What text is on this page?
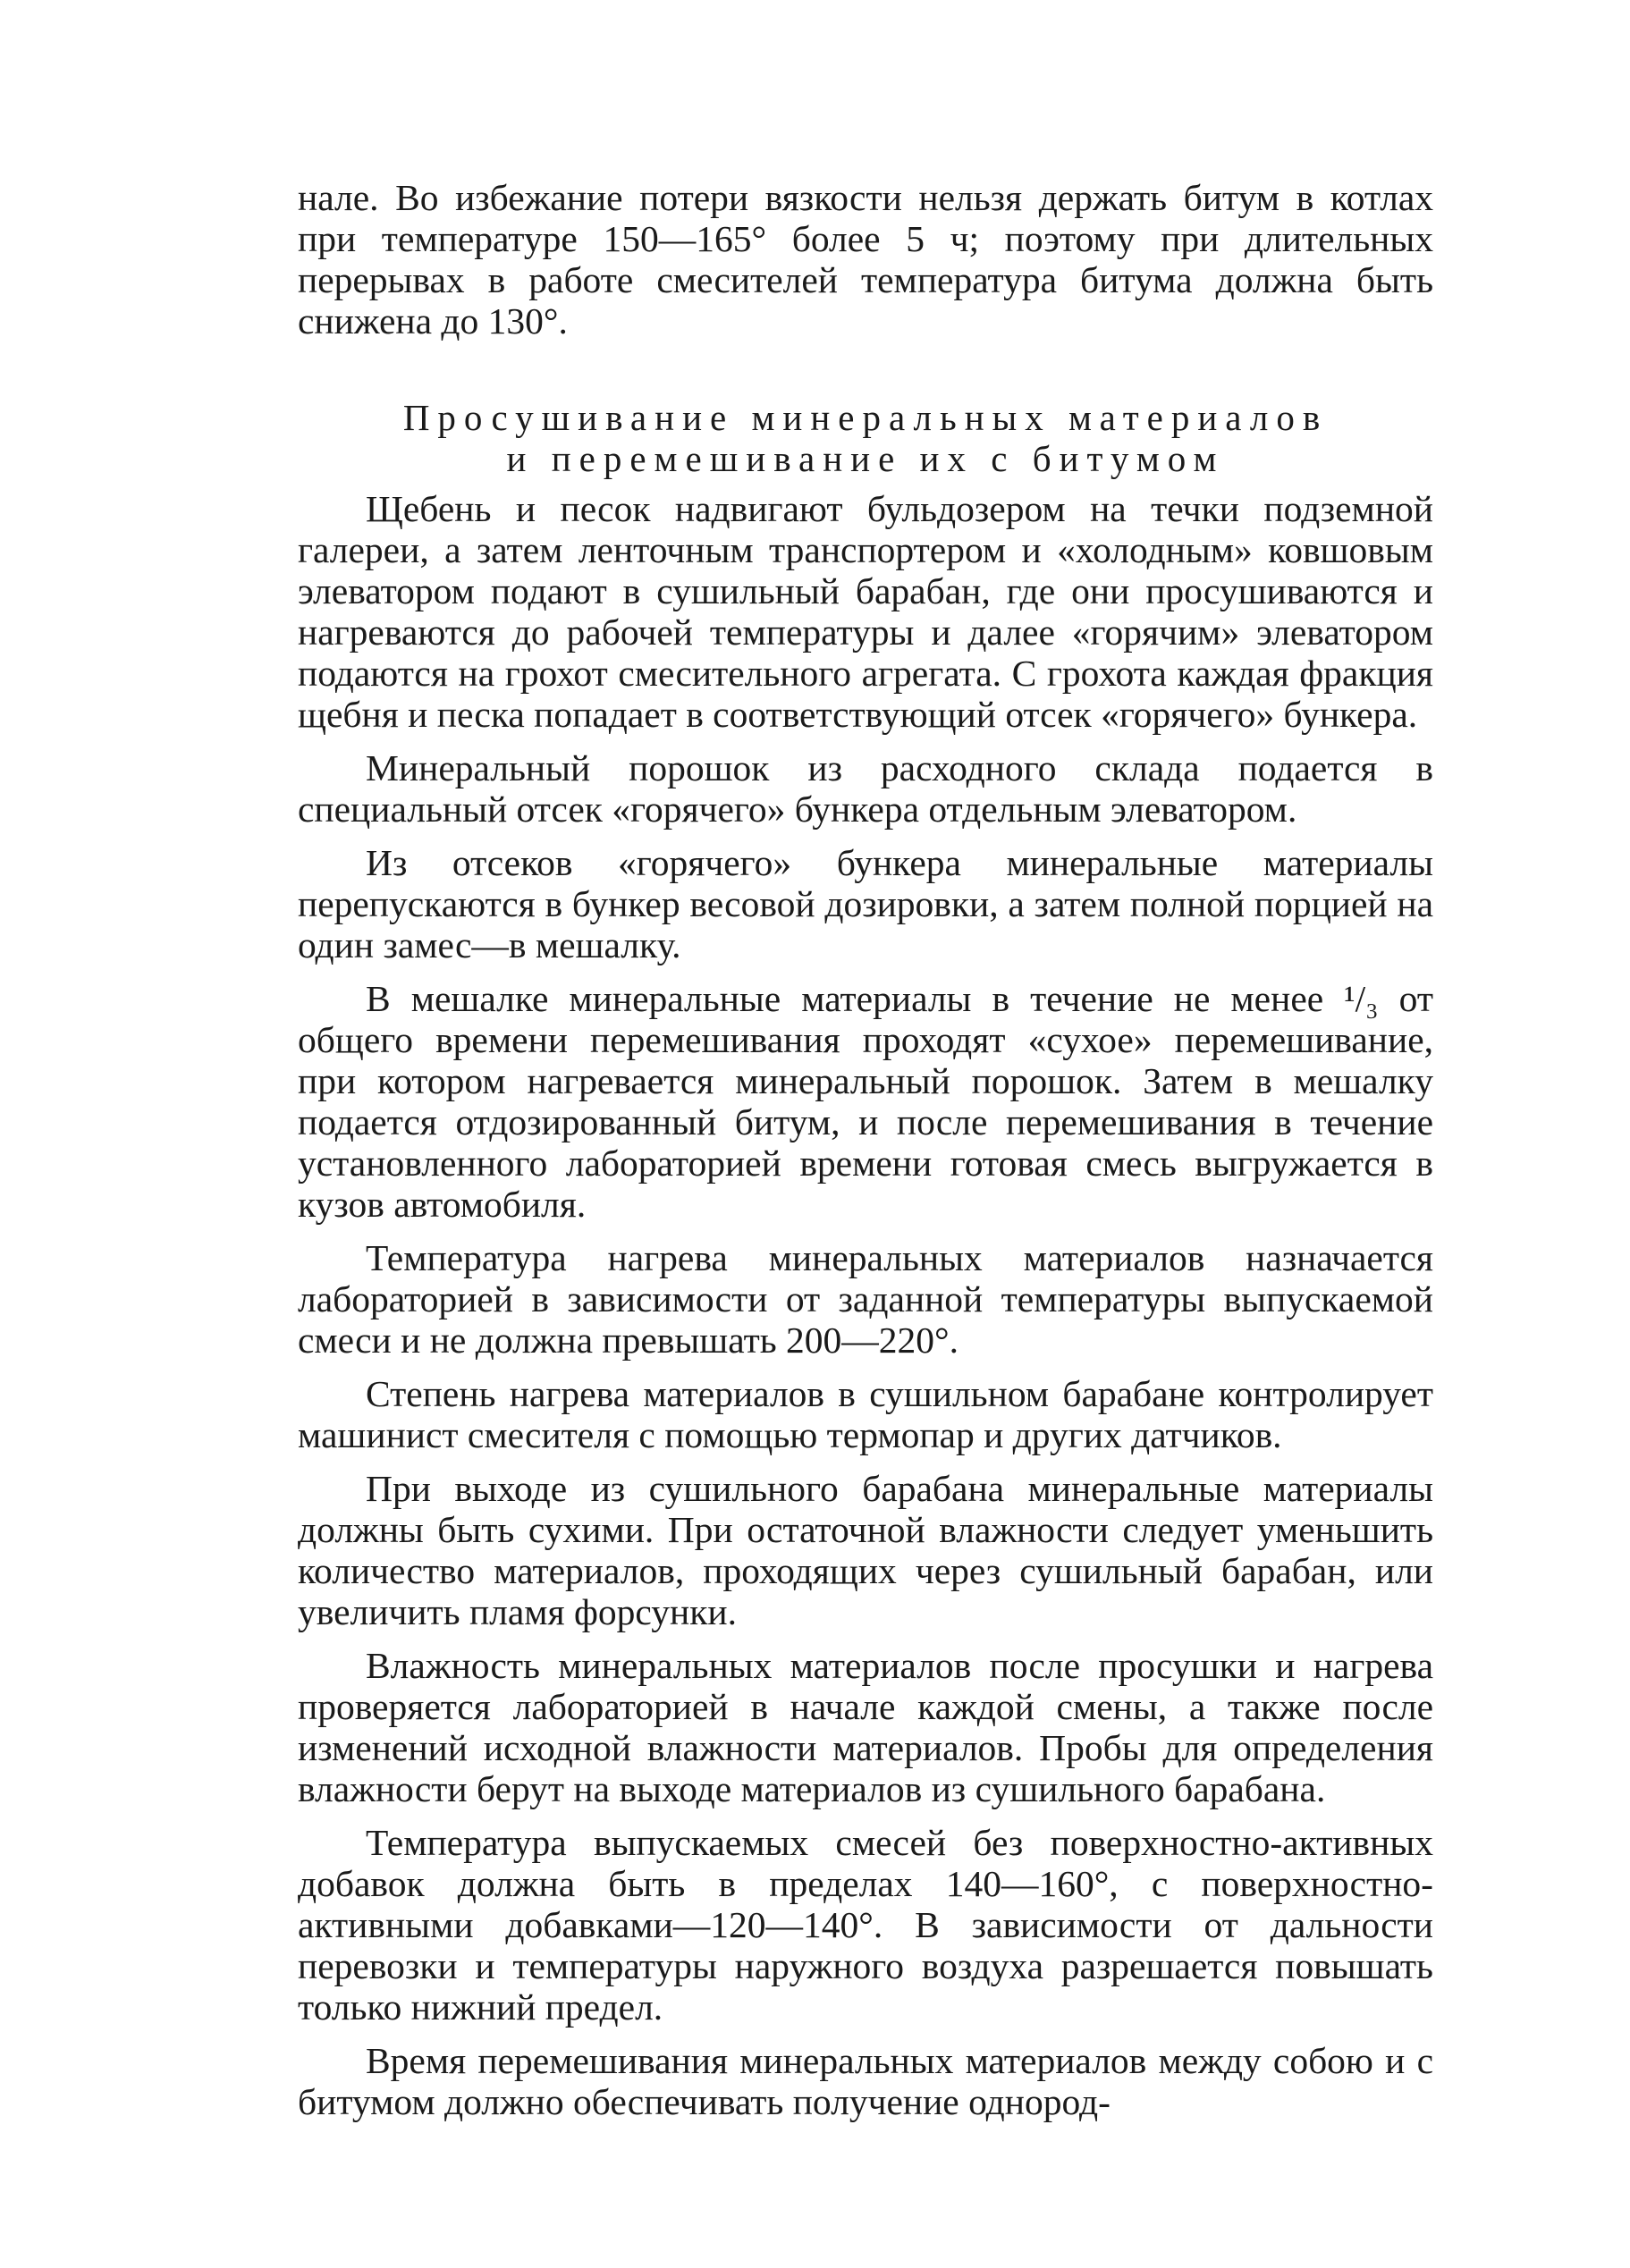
нале. Во избежание потери вязкости нельзя держать битум в котлах при температуре 150—165° более 5 ч; поэтому при длительных перерывах в работе смесителей температура битума должна быть снижена до 130°.

Просушивание минеральных материалов
и перемешивание их с битумом

Щебень и песок надвигают бульдозером на течки подземной галереи, а затем ленточным транспортером и «холодным» ковшовым элеватором подают в сушильный барабан, где они просушиваются и нагреваются до рабочей температуры и далее «горячим» элеватором подаются на грохот смесительного агрегата. С грохота каждая фракция щебня и песка попадает в соответствующий отсек «горячего» бункера.

Минеральный порошок из расходного склада подается в специальный отсек «горячего» бункера отдельным элеватором.

Из отсеков «горячего» бункера минеральные материалы перепускаются в бункер весовой дозировки, а затем полной порцией на один замес—в мешалку.

В мешалке минеральные материалы в течение не менее ¹/₃ от общего времени перемешивания проходят «сухое» перемешивание, при котором нагревается минеральный порошок. Затем в мешалку подается отдозированный битум, и после перемешивания в течение установленного лабораторией времени готовая смесь выгружается в кузов автомобиля.

Температура нагрева минеральных материалов назначается лабораторией в зависимости от заданной температуры выпускаемой смеси и не должна превышать 200—220°.

Степень нагрева материалов в сушильном барабане контролирует машинист смесителя с помощью термопар и других датчиков.

При выходе из сушильного барабана минеральные материалы должны быть сухими. При остаточной влажности следует уменьшить количество материалов, проходящих через сушильный барабан, или увеличить пламя форсунки.

Влажность минеральных материалов после просушки и нагрева проверяется лабораторией в начале каждой смены, а также после изменений исходной влажности материалов. Пробы для определения влажности берут на выходе материалов из сушильного барабана.

Температура выпускаемых смесей без поверхностно-активных добавок должна быть в пределах 140—160°, с поверхностно-активными добавками—120—140°. В зависимости от дальности перевозки и температуры наружного воздуха разрешается повышать только нижний предел.

Время перемешивания минеральных материалов между собою и с битумом должно обеспечивать получение однород-
